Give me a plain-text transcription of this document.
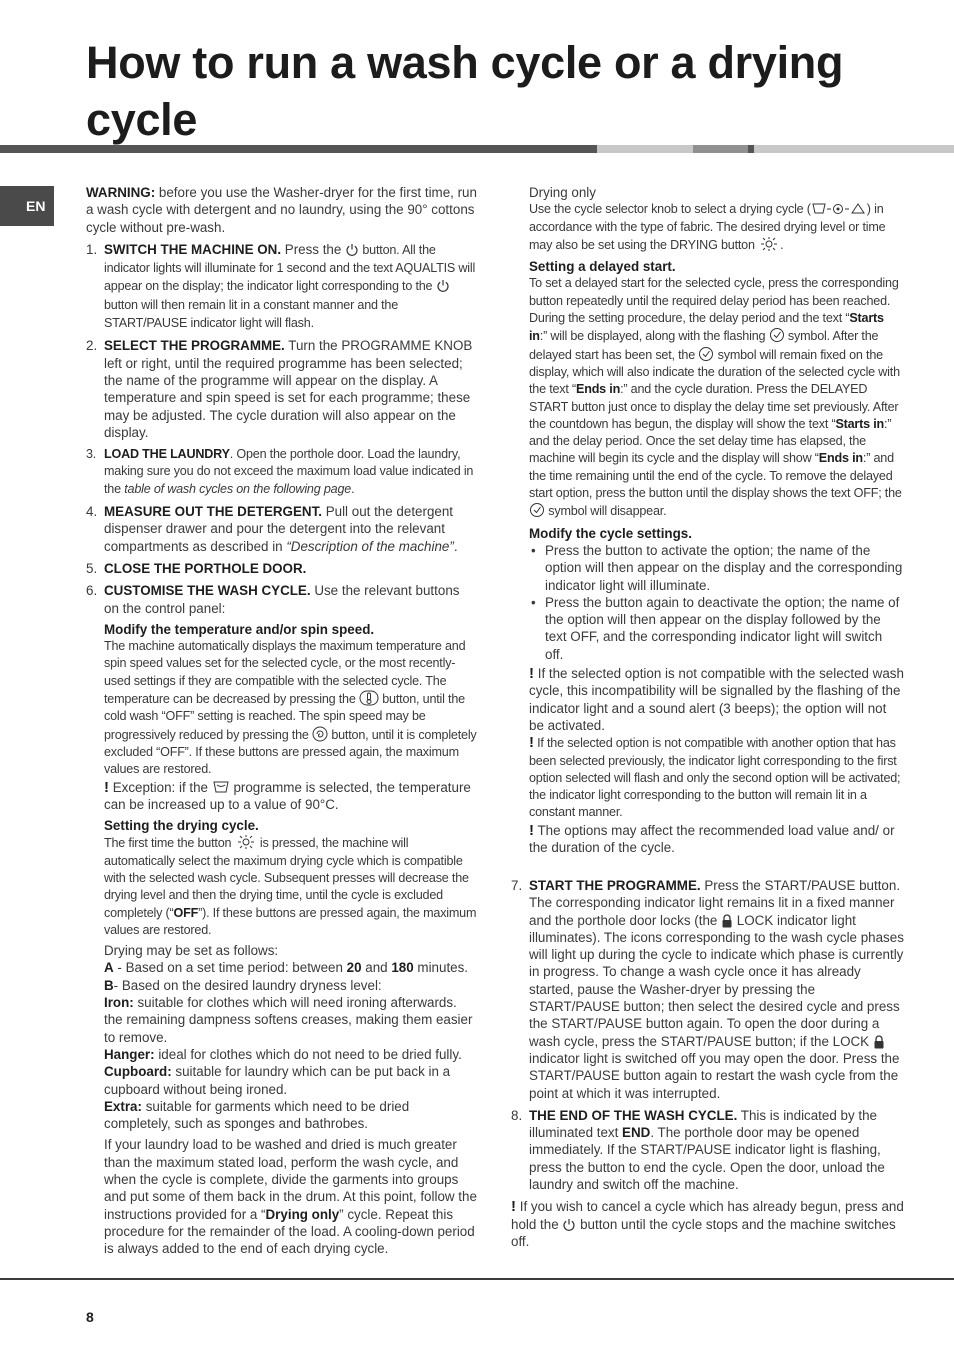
How to run a wash cycle or a drying cycle
EN

WARNING: before you use the Washer-dryer for the first time, run a wash cycle with detergent and no laundry, using the 90° cottons cycle without pre-wash.

1. SWITCH THE MACHINE ON. Press the  button. All the indicator lights will illuminate for 1 second and the text AQUALTIS will appear on the display; the indicator light corresponding to the  button will then remain lit in a constant manner and the START/PAUSE indicator light will flash.
2. SELECT THE PROGRAMME. Turn the PROGRAMME KNOB left or right, until the required programme has been selected; the name of the programme will appear on the display. A temperature and spin speed is set for each programme; these may be adjusted. The cycle duration will also appear on the display.
3. LOAD THE LAUNDRY. Open the porthole door. Load the laundry, making sure you do not exceed the maximum load value indicated in the table of wash cycles on the following page.
4. MEASURE OUT THE DETERGENT. Pull out the detergent dispenser drawer and pour the detergent into the relevant compartments as described in “Description of the machine”.
5. CLOSE THE PORTHOLE DOOR.
6. CUSTOMISE THE WASH CYCLE. Use the relevant buttons on the control panel:

Modify the temperature and/or spin speed.

The machine automatically displays the maximum temperature and spin speed values set for the selected cycle, or the most recently-used settings if they are compatible with the selected cycle. The temperature can be decreased by pressing the  button, until the cold wash “OFF” setting is reached. The spin speed may be progressively reduced by pressing the  button, until it is completely excluded “OFF”. If these buttons are pressed again, the maximum values are restored.

! Exception: if the  programme is selected, the temperature can be increased up to a value of 90°C.

Setting the drying cycle.

The first time the button  is pressed, the machine will automatically select the maximum drying cycle which is compatible with the selected wash cycle. Subsequent presses will decrease the drying level and then the drying time, until the cycle is excluded completely (“OFF”). If these buttons are pressed again, the maximum values are restored.

Drying may be set as follows:

A - Based on a set time period: between 20 and 180 minutes.

B- Based on the desired laundry dryness level:

Iron: suitable for clothes which will need ironing afterwards. the remaining dampness softens creases, making them easier to remove.

Hanger: ideal for clothes which do not need to be dried fully.

Cupboard: suitable for laundry which can be put back in a cupboard without being ironed.

Extra: suitable for garments which need to be dried completely, such as sponges and bathrobes.

If your laundry load to be washed and dried is much greater than the maximum stated load, perform the wash cycle, and when the cycle is complete, divide the garments into groups and put some of them back in the drum. At this point, follow the instructions provided for a “Drying only” cycle. Repeat this procedure for the remainder of the load. A cooling-down period is always added to the end of each drying cycle.

Drying only

Use the cycle selector knob to select a drying cycle (	) in accordance with the type of fabric. The desired drying level or time may also be set using the DRYING button .

Setting a delayed start.

To set a delayed start for the selected cycle, press the corresponding button repeatedly until the required delay period has been reached. During the setting procedure, the delay period and the text “Starts in:” will be displayed, along with the flashing  symbol. After the delayed start has been set, the  symbol will remain fixed on the display, which will also indicate the duration of the selected cycle with the text “Ends in:” and the cycle duration. Press the DELAYED START button just once to display the delay time set previously. After the countdown has begun, the display will show the text “Starts in:” and the delay period. Once the set delay time has elapsed, the machine will begin its cycle and the display will show “Ends in:” and the time remaining until the end of the cycle. To remove the delayed start option, press the button until the display shows the text OFF; the  symbol will disappear.

Modify the cycle settings.

• Press the button to activate the option; the name of the option will then appear on the display and the corresponding indicator light will illuminate.
• Press the button again to deactivate the option; the name of the option will then appear on the display followed by the text OFF, and the corresponding indicator light will switch off.

! If the selected option is not compatible with the selected wash cycle, this incompatibility will be signalled by the flashing of the indicator light and a sound alert (3 beeps); the option will not be activated.

! If the selected option is not compatible with another option that has been selected previously, the indicator light corresponding to the first option selected will flash and only the second option will be activated; the indicator light corresponding to the button will remain lit in a constant manner.

! The options may affect the recommended load value and/ or the duration of the cycle.

7. START THE PROGRAMME. Press the START/PAUSE button. The corresponding indicator light remains lit in a fixed manner and the porthole door locks (the  LOCK indicator light illuminates). The icons corresponding to the wash cycle phases will light up during the cycle to indicate which phase is currently in progress. To change a wash cycle once it has already started, pause the Washer-dryer by pressing the START/PAUSE button; then select the desired cycle and press the START/PAUSE button again. To open the door during a wash cycle, press the START/PAUSE button; if the LOCK  indicator light is switched off you may open the door. Press the START/PAUSE button again to restart the wash cycle from the point at which it was interrupted.
8. THE END OF THE WASH CYCLE. This is indicated by the illuminated text END. The porthole door may be opened immediately. If the START/PAUSE indicator light is flashing, press the button to end the cycle. Open the door, unload the laundry and switch off the machine.

! If you wish to cancel a cycle which has already begun, press and hold the  button until the cycle stops and the machine switches off.

8
